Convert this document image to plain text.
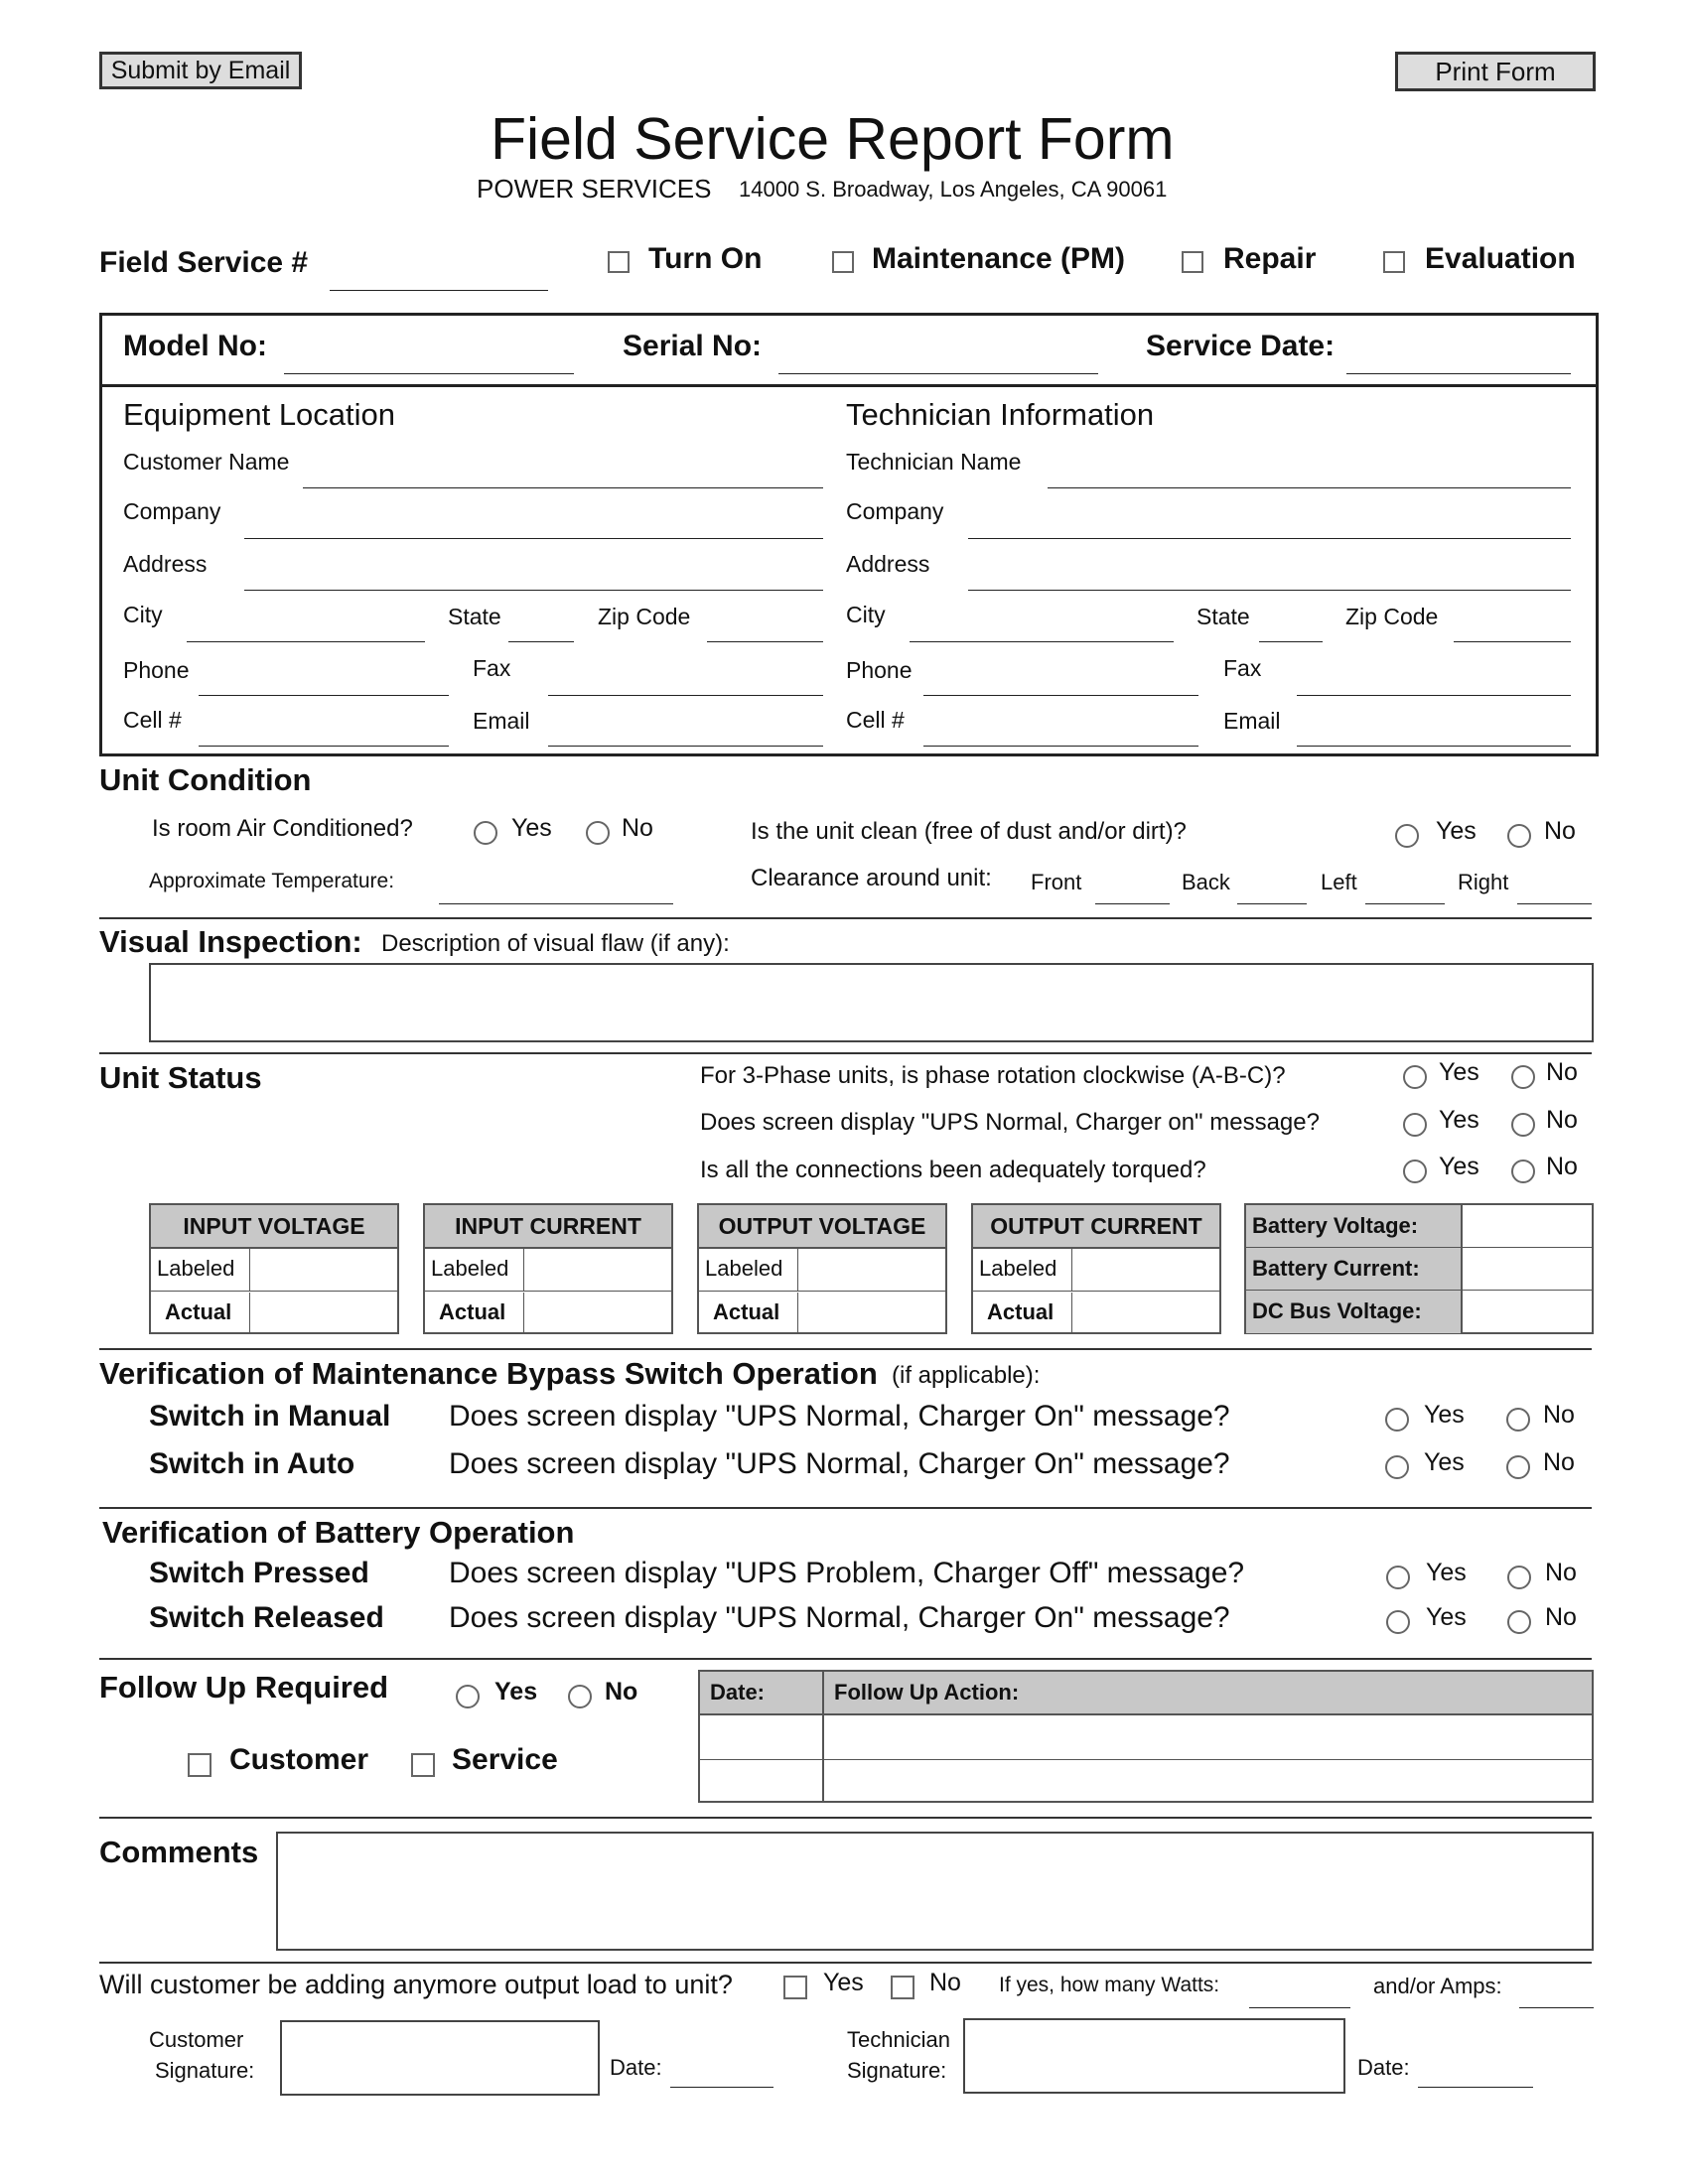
Submit by Email	Print Form
Field Service Report Form
POWER SERVICES 14000 S. Broadway, Los Angeles, CA 90061
Field Service #	Turn On	Maintenance (PM)	Repair	Evaluation
Model No:	Serial No:	Service Date:
Equipment Location
Customer Name
Company
Address
City	State	Zip Code
Phone	Fax
Cell #	Email
Technician Information
Technician Name
Company
Address
City	State	Zip Code
Phone	Fax
Cell #	Email
Unit Condition
Is room Air Conditioned?	Yes	No	Is the unit clean (free of dust and/or dirt)?	Yes	No
Approximate Temperature:	Clearance around unit: Front	Back	Left	Right
Visual Inspection: Description of visual flaw (if any):
Unit Status	For 3-Phase units, is phase rotation clockwise (A-B-C)?	Yes	No
Does screen display "UPS Normal, Charger on" message?	Yes	No
Is all the connections been adequately torqued?	Yes	No
INPUT VOLTAGE
Labeled
Actual
INPUT CURRENT
Labeled
Actual
OUTPUT VOLTAGE
Labeled
Actual
OUTPUT CURRENT
Labeled
Actual
Battery Voltage:
Battery Current:
DC Bus Voltage:
Verification of Maintenance Bypass Switch Operation (if applicable):
Switch in Manual Does screen display "UPS Normal, Charger On" message?	Yes	No
Switch in Auto	Does screen display "UPS Normal, Charger On" message?	Yes	No
Verification of Battery Operation
Switch Pressed	Does screen display "UPS Problem, Charger Off" message?	Yes	No
Switch Released Does screen display "UPS Normal, Charger On" message?	Yes	No
Follow Up Required	Yes	No
Customer	Service
Date:	Follow Up Action:
Comments
Will customer be adding anymore output load to unit?	Yes	No If yes, how many Watts:	and/or Amps:
Customer
Signature:	Date:
Technician
Signature:	Date:
